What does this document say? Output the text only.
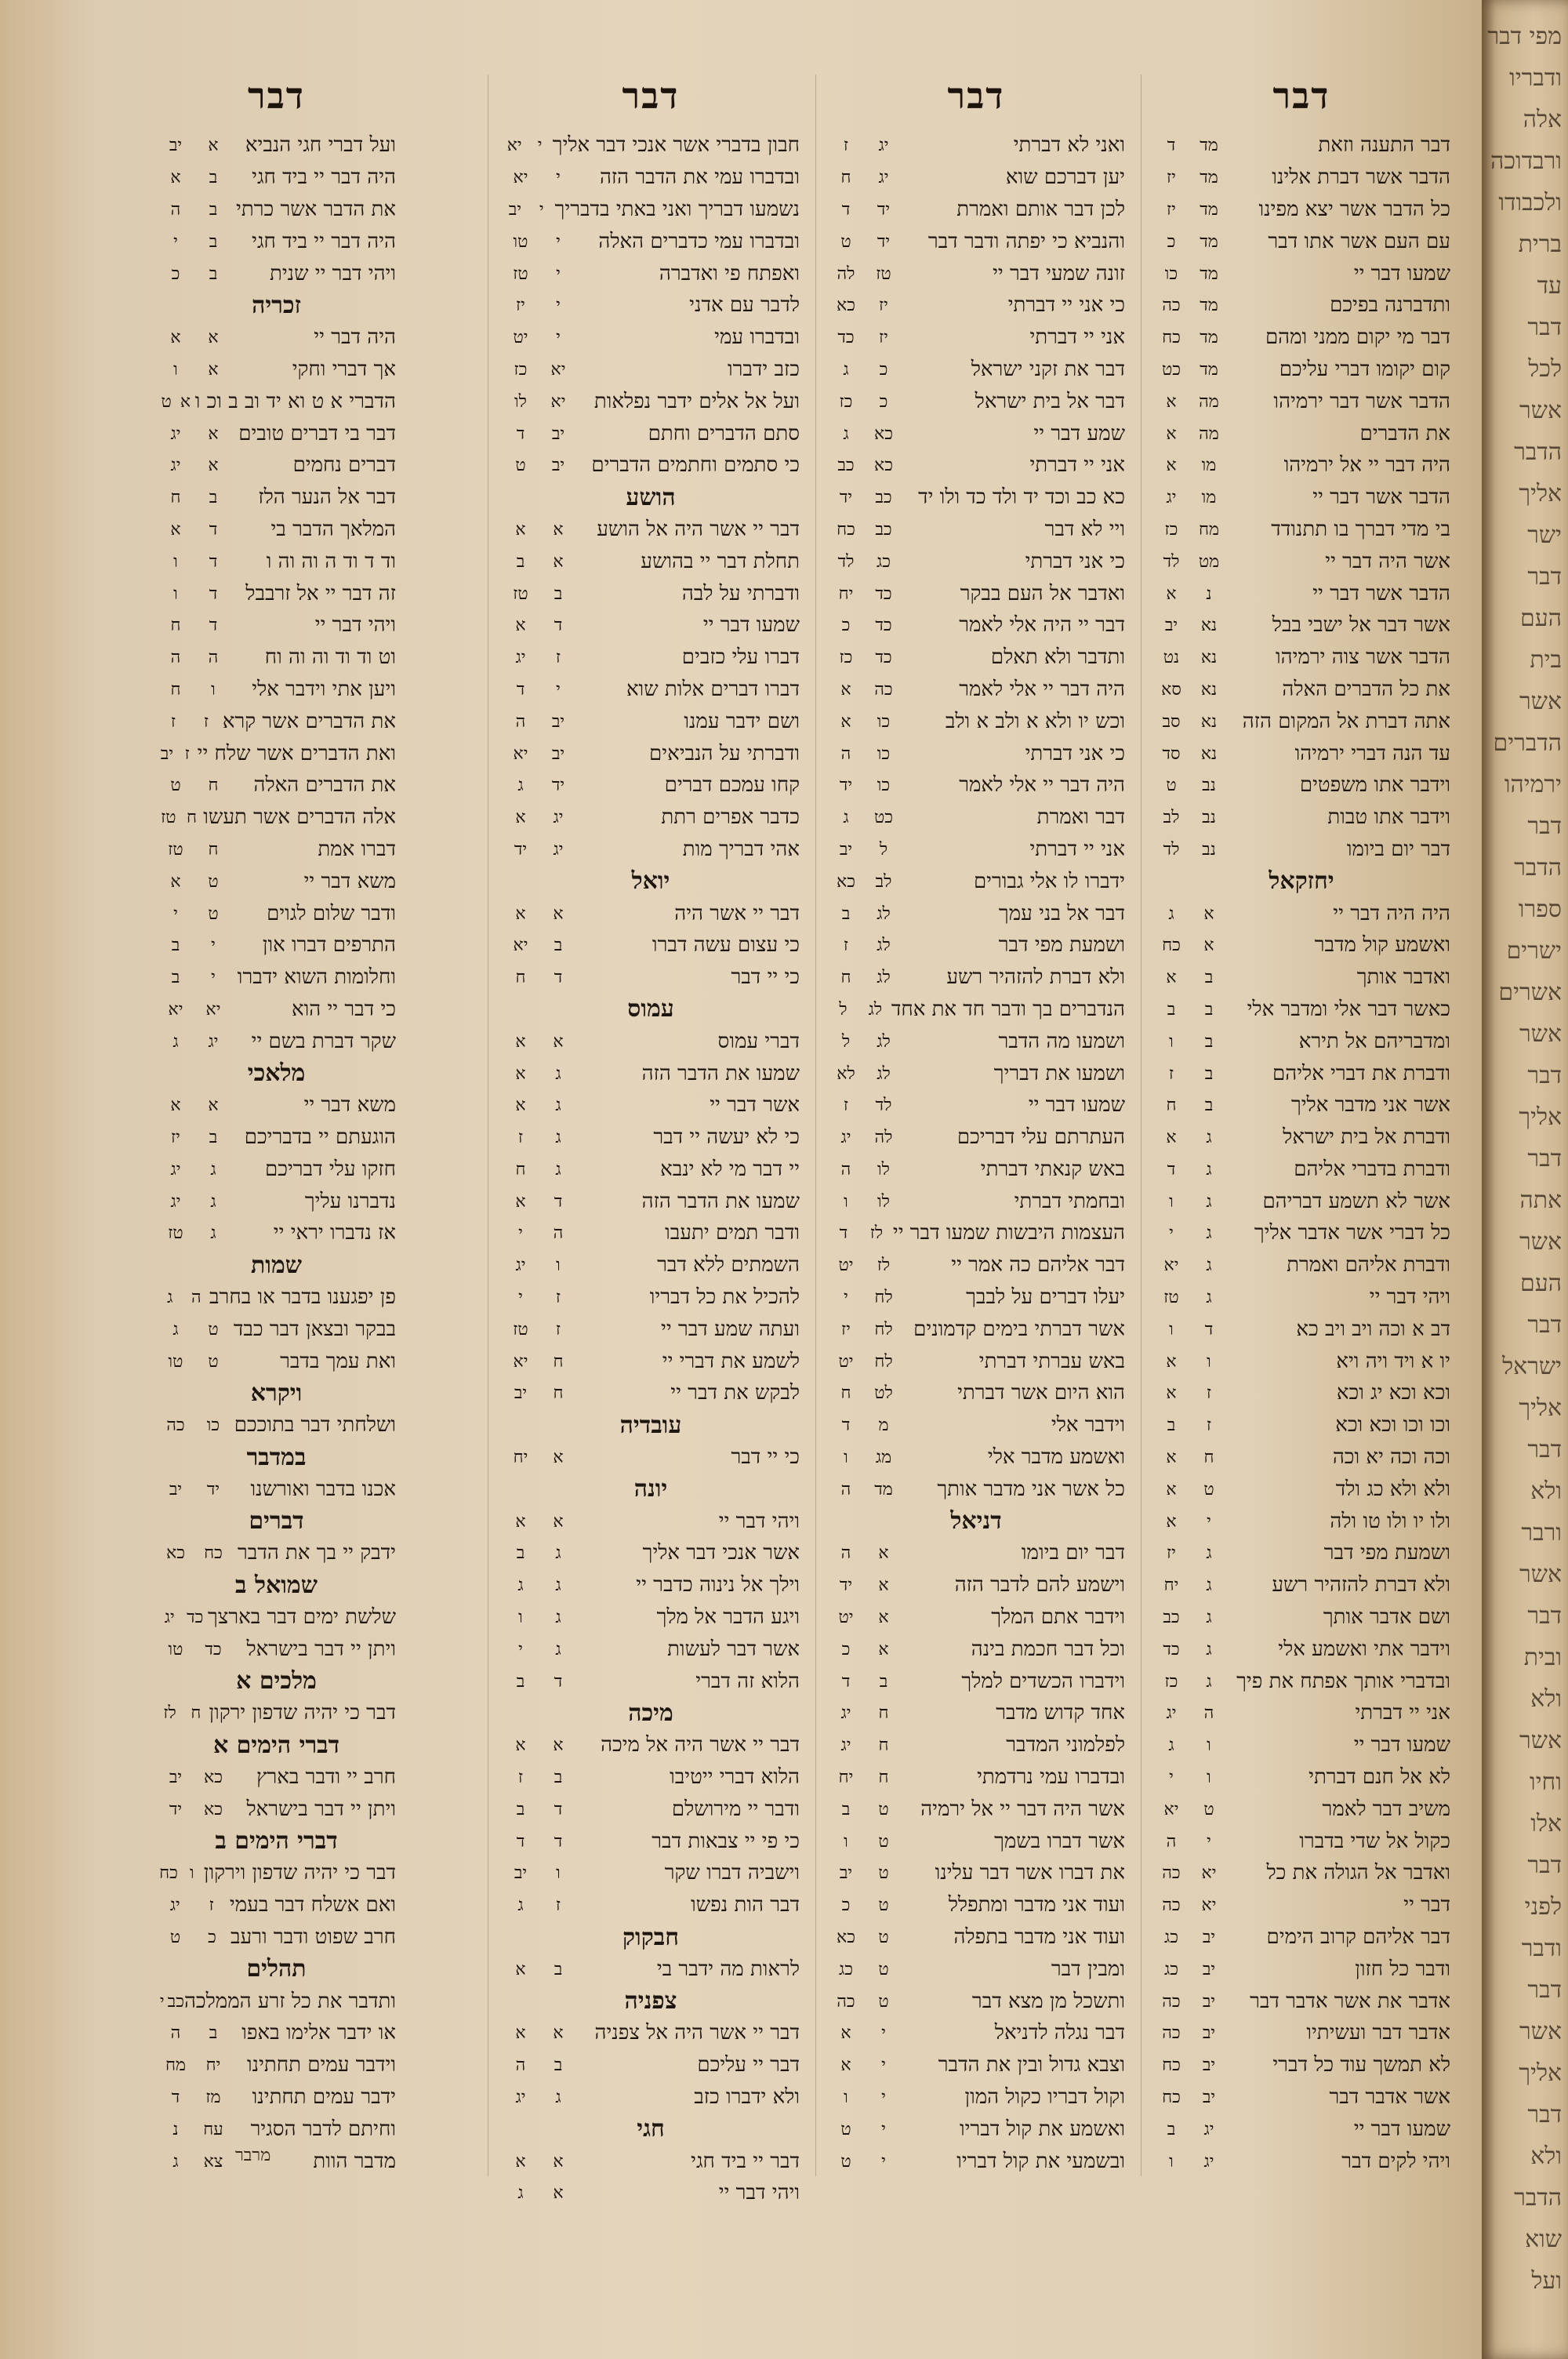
דבר
ועל דברי חגי הנביא
א
יב
היה דבר יי ביד חגי
ב
א
את הדבר אשר כרתי
ב
ה
היה דבר יי ביד חגי
ב
י
ויהי דבר יי שנית
ב
כ
זכריה
היה דבר יי
א
א
אך דברי וחקי
א
ו
הדברי א ט וא יד וב ב וכ ו
א
ט
דבר בי דברים טובים
א
יג
דברים נחמים
א
יג
דבר אל הנער הלז
ב
ח
המלאך הדבר בי
ד
א
וד ד וד ה וה וה ו
ד
ו
זה דבר יי אל זרבבל
ד
ו
ויהי דבר יי
ד
ח
וט וד וד וה וה וח
ה
ה
ויען אתי וידבר אלי
ו
ח
את הדברים אשר קרא
ז
ז
ואת הדברים אשר שלח יי
ז
יב
את הדברים האלה
ח
ט
אלה הדברים אשר תעשו
ח
טז
דברו אמת
ח
טז
משא דבר יי
ט
א
ודבר שלום לגוים
ט
י
התרפים דברו און
י
ב
וחלומות השוא ידברו
י
ב
כי דבר יי הוא
יא
יא
שקר דברת בשם יי
יג
ג
מלאכי
משא דבר יי
א
א
הוגעתם יי בדבריכם
ב
יז
חזקו עלי דבריכם
ג
יג
נדברנו עליך
ג
יג
אז נדברו יראי יי
ג
טז
שמות
פן יפגענו בדבר או בחרב
ה
ג
בבקר ובצאן דבר כבד
ט
ג
ואת עמך בדבר
ט
טו
ויקרא
ושלחתי דבר בתוככם
כו
כה
במדבר
אכנו בדבר ואורשנו
יד
יב
דברים
ידבק יי בך את הדבר
כח
כא
שמואל ב
שלשת ימים דבר בארצך
כד
יג
ויתן יי דבר בישראל
כד
טו
מלכים א
דבר כי יהיה שדפון ירקון
ח
לז
דברי הימים א
חרב יי ודבר בארץ
כא
יב
ויתן יי דבר בישראל
כא
יד
דברי הימים ב
דבר כי יהיה שדפון וירקון
ו
כח
ואם אשלח דבר בעמי
ז
יג
חרב שפוט ודבר ורעב
כ
ט
תהלים
ותדבר את כל זרע הממלכה
כב
י
או ידבר אלימו באפו
ב
ה
וידבר עמים תחתינו
יח
מח
ידבר עמים תחתינו
מז
ד
וחיתם לדבר הסגיר
עח
נ
מדבר הוות
צא
ג
דבר
חבון בדברי אשר אנכי דבר אליך
י
יא
ובדברו עמי את הדבר הזה
י
יא
נשמעו דבריך ואני באתי בדבריך
י
יב
ובדברו עמי כדברים האלה
י
טו
ואפתח פי ואדברה
י
טז
לדבר עם אדני
י
יז
ובדברו עמי
י
יט
כזב ידברו
יא
כז
ועל אל אלים ידבר נפלאות
יא
לו
סתם הדברים וחתם
יב
ד
כי סתמים וחתמים הדברים
יב
ט
הושע
דבר יי אשר היה אל הושע
א
א
תחלת דבר יי בהושע
א
ב
ודברתי על לבה
ב
טז
שמעו דבר יי
ד
א
דברו עלי כזבים
ז
יג
דברו דברים אלות שוא
י
ד
ושם ידבר עמנו
יב
ה
ודברתי על הנביאים
יב
יא
קחו עמכם דברים
יד
ג
כדבר אפרים רתת
יג
א
אהי דבריך מות
יג
יד
יואל
דבר יי אשר היה
א
א
כי עצום עשה דברו
ב
יא
כי יי דבר
ד
ח
עמוס
דברי עמוס
א
א
שמעו את הדבר הזה
ג
א
אשר דבר יי
ג
א
כי לא יעשה יי דבר
ג
ז
יי דבר מי לא ינבא
ג
ח
שמעו את הדבר הזה
ד
א
ודבר תמים יתעבו
ה
י
השמתים ללא דבר
ו
יג
להכיל את כל דבריו
ז
י
ועתה שמע דבר יי
ז
טז
לשמע את דברי יי
ח
יא
לבקש את דבר יי
ח
יב
עובדיה
כי יי דבר
א
יח
יונה
ויהי דבר יי
א
א
אשר אנכי דבר אליך
ג
ב
וילך אל נינוה כדבר יי
ג
ג
ויגע הדבר אל מלך
ג
ו
אשר דבר לעשות
ג
י
הלוא זה דברי
ד
ב
מיכה
דבר יי אשר היה אל מיכה
א
א
הלוא דברי ייטיבו
ב
ז
ודבר יי מירושלם
ד
ב
כי פי יי צבאות דבר
ד
ד
וישביה דברו שקר
ו
יב
דבר הות נפשו
ז
ג
חבקוק
לראות מה ידבר בי
ב
א
צפניה
דבר יי אשר היה אל צפניה
א
א
דבר יי עליכם
ב
ה
ולא ידברו כזב
ג
יג
חגי
דבר יי ביד חגי
א
א
ויהי דבר יי
א
ג
דבר
ואני לא דברתי
יג
ז
יען דברכם שוא
יג
ח
לכן דבר אותם ואמרת
יד
ד
והנביא כי יפתה ודבר דבר
יד
ט
זונה שמעי דבר יי
טז
לה
כי אני יי דברתי
יז
כא
אני יי דברתי
יז
כד
דבר את זקני ישראל
כ
ג
דבר אל בית ישראל
כ
כז
שמע דבר יי
כא
ג
אני יי דברתי
כא
כב
כא כב וכד יד ולד כד ולו יד
כב
יד
ויי לא דבר
כב
כח
כי אני דברתי
כג
לד
ואדבר אל העם בבקר
כד
יח
דבר יי היה אלי לאמר
כד
כ
ותדבר ולא תאלם
כד
כז
היה דבר יי אלי לאמר
כה
א
וכש יו ולא א ולב א ולב
כו
א
כי אני דברתי
כו
ה
היה דבר יי אלי לאמר
כו
יד
דבר ואמרת
כט
ג
אני יי דברתי
ל
יב
ידברו לו אלי גבורים
לב
כא
דבר אל בני עמך
לג
ב
ושמעת מפי דבר
לג
ז
ולא דברת להזהיר רשע
לג
ח
הנדברים בך ודבר חד את אחד
לג
ל
ושמעו מה הדבר
לג
ל
ושמעו את דבריך
לג
לא
שמעו דבר יי
לד
ז
העתרתם עלי דבריכם
לה
יג
באש קנאתי דברתי
לו
ה
ובחמתי דברתי
לו
ו
העצמות היבשות שמעו דבר יי
לז
ד
דבר אליהם כה אמר יי
לז
יט
יעלו דברים על לבבך
לח
י
אשר דברתי בימים קדמונים
לח
יז
באש עברתי דברתי
לח
יט
הוא היום אשר דברתי
לט
ח
וידבר אלי
מ
ד
ואשמע מדבר אלי
מג
ו
כל אשר אני מדבר אותך
מד
ה
דניאל
דבר יום ביומו
א
ה
וישמע להם לדבר הזה
א
יד
וידבר אתם המלך
א
יט
וכל דבר חכמת בינה
א
כ
וידברו הכשדים למלך
ב
ד
אחד קדוש מדבר
ח
יג
לפלמוני המדבר
ח
יג
ובדברו עמי נרדמתי
ח
יח
אשר היה דבר יי אל ירמיה
ט
ב
אשר דברו בשמך
ט
ו
את דברו אשר דבר עלינו
ט
יב
ועוד אני מדבר ומתפלל
ט
כ
ועוד אני מדבר בתפלה
ט
כא
ומבין דבר
ט
כג
ותשכל מן מצא דבר
ט
כה
דבר נגלה לדניאל
י
א
וצבא גדול ובין את הדבר
י
א
וקול דבריו כקול המון
י
ו
ואשמע את קול דבריו
י
ט
ובשמעי את קול דבריו
י
ט
דבר
דבר התענה וזאת
מד
ד
הדבר אשר דברת אלינו
מד
יז
כל הדבר אשר יצא מפינו
מד
יז
עם העם אשר אתו דבר
מד
כ
שמעו דבר יי
מד
כו
ותדברנה בפיכם
מד
כה
דבר מי יקום ממני ומהם
מד
כח
קום יקומו דברי עליכם
מד
כט
הדבר אשר דבר ירמיהו
מה
א
את הדברים
מה
א
היה דבר יי אל ירמיהו
מו
א
הדבר אשר דבר יי
מו
יג
בי מדי דברך בו תתנודד
מח
כז
אשר היה דבר יי
מט
לד
הדבר אשר דבר יי
נ
א
אשר דבר אל ישבי בבל
נא
יב
הדבר אשר צוה ירמיהו
נא
נט
את כל הדברים האלה
נא
סא
אתה דברת אל המקום הזה
נא
סב
עד הנה דברי ירמיהו
נא
סד
וידבר אתו משפטים
נב
ט
וידבר אתו טבות
נב
לב
דבר יום ביומו
נב
לד
יחזקאל
היה היה דבר יי
א
ג
ואשמע קול מדבר
א
כח
ואדבר אותך
ב
א
כאשר דבר אלי ומדבר אלי
ב
ב
ומדבריהם אל תירא
ב
ו
ודברת את דברי אליהם
ב
ז
אשר אני מדבר אליך
ב
ח
ודברת אל בית ישראל
ג
א
ודברת בדברי אליהם
ג
ד
אשר לא תשמע דבריהם
ג
ו
כל דברי אשר אדבר אליך
ג
י
ודברת אליהם ואמרת
ג
יא
ויהי דבר יי
ג
טז
דב א וכה ויב ויב כא
ד
ו
יו א ויד ויה ויא
ו
א
וכא וכא יג וכא
ז
א
וכו וכו וכא וכא
ז
ב
וכה וכה יא וכה
ח
א
ולא ולא כג ולד
ט
א
ולו יו ולו טו ולה
י
א
ושמעת מפי דבר
ג
יז
ולא דברת להזהיר רשע
ג
יח
ושם אדבר אותך
ג
כב
וידבר אתי ואשמע אלי
ג
כד
ובדברי אותך אפתח את פיך
ג
כז
אני יי דברתי
ה
יג
שמעו דבר יי
ו
ג
לא אל חנם דברתי
ו
י
משיב דבר לאמר
ט
יא
כקול אל שדי בדברו
י
ה
ואדבר אל הגולה את כל
יא
כה
דבר יי
יא
כה
דבר אליהם קרוב הימים
יב
כג
ודבר כל חזון
יב
כג
אדבר את אשר אדבר דבר
יב
כה
אדבר דבר ועשיתיו
יב
כה
לא תמשך עוד כל דברי
יב
כח
אשר אדבר דבר
יב
כח
שמעו דבר יי
יג
ב
ויהי לקים דבר
יג
ו
מרבר
מפי דבר
ודבריו
אלה
ורבדוכה
ולכבודו
ברית
עד
דבר
לכל
אשר
הדבר
אליך
ישר
דבר
העם
בית
אשר
הדברים
ירמיהו
דבר
הדבר
ספרו
ישרים
אשרים
אשר
דבר
אליך
דבר
אתה
אשר
העם
דבר
ישראל
אליך
דבר
ולא
ורבר
אשר
דבר
ובית
ולא
אשר
וחיו
אלו
דבר
לפני
ודבר
דבר
אשר
אליך
דבר
ולא
הדבר
שוא
ועל
